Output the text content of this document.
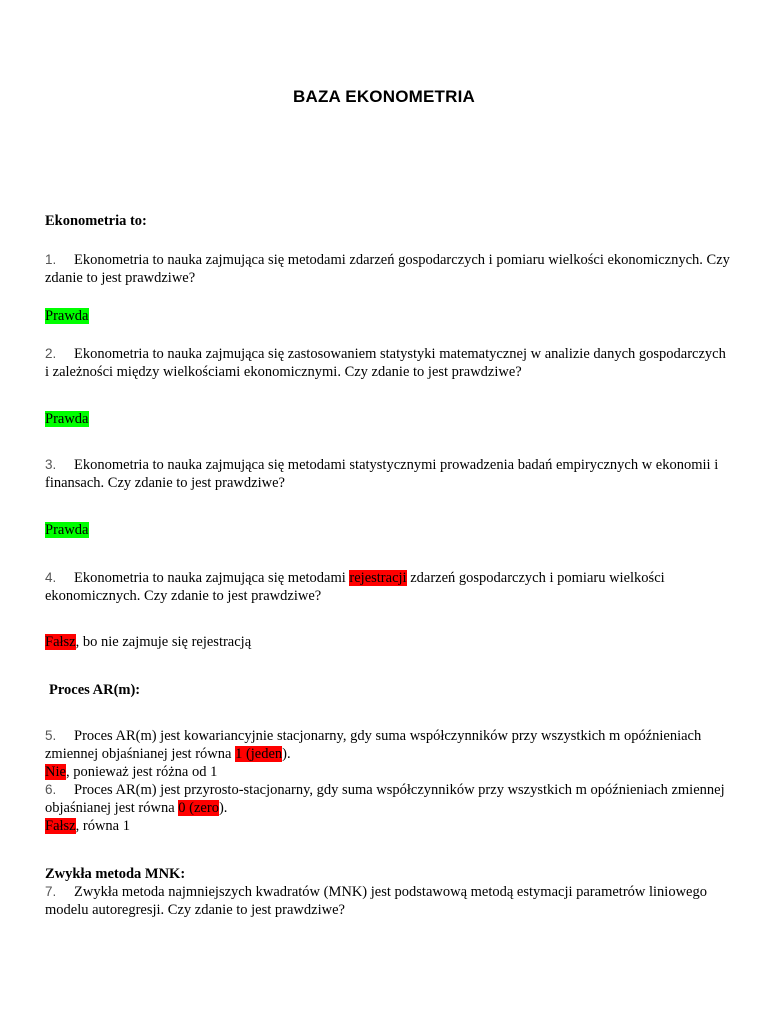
BAZA EKONOMETRIA
Ekonometria to:
1. Ekonometria to nauka zajmująca się metodami zdarzeń gospodarczych i pomiaru wielkości ekonomicznych. Czy zdanie to jest prawdziwe?
Prawda
2. Ekonometria to nauka zajmująca się zastosowaniem statystyki matematycznej w analizie danych gospodarczych i zależności między wielkościami ekonomicznymi. Czy zdanie to jest prawdziwe?
Prawda
3. Ekonometria to nauka zajmująca się metodami statystycznymi prowadzenia badań empirycznych w ekonomii i finansach. Czy zdanie to jest prawdziwe?
Prawda
4. Ekonometria to nauka zajmująca się metodami rejestracji zdarzeń gospodarczych i pomiaru wielkości ekonomicznych. Czy zdanie to jest prawdziwe?
Fałsz, bo nie zajmuje się rejestracją
Proces AR(m):
5. Proces AR(m) jest kowariancyjnie stacjonarny, gdy suma współczynników przy wszystkich m opóźnieniach zmiennej objaśnianej jest równa 1 (jeden).
Nie, ponieważ jest różna od 1
6. Proces AR(m) jest przyrosto-stacjonarny, gdy suma współczynników przy wszystkich m opóźnieniach zmiennej objaśnianej jest równa 0 (zero).
Fałsz, równa 1
Zwykła metoda MNK:
7. Zwykła metoda najmniejszych kwadratów (MNK) jest podstawową metodą estymacji parametrów liniowego modelu autoregresji. Czy zdanie to jest prawdziwe?
